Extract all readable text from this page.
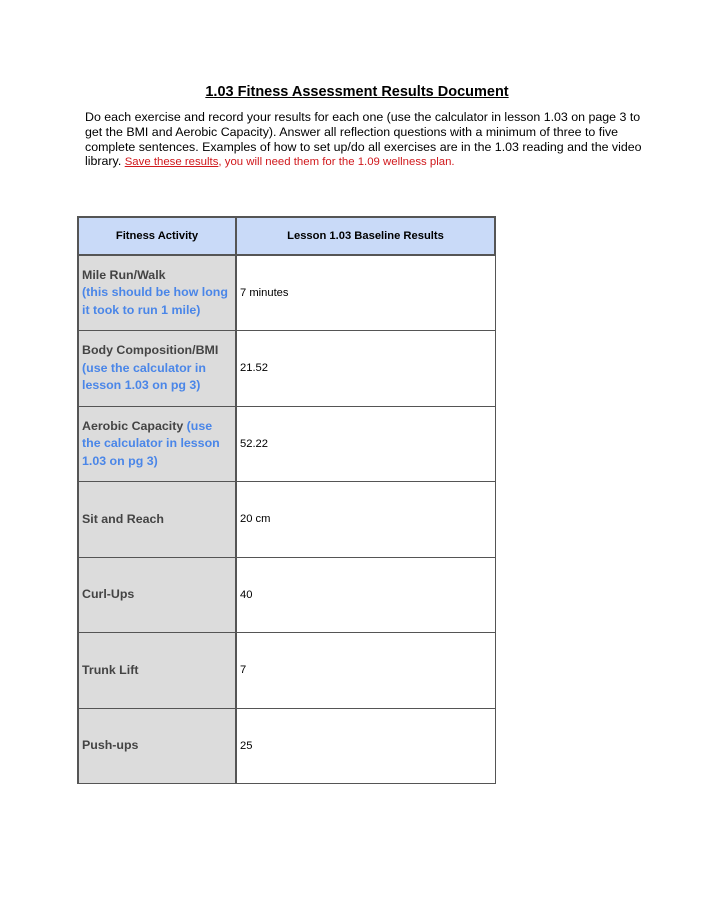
1.03 Fitness Assessment Results Document

Do each exercise and record your results for each one (use the calculator in lesson 1.03 on page 3 to get the BMI and Aerobic Capacity). Answer all reflection questions with a minimum of three to five complete sentences. Examples of how to set up/do all exercises are in the 1.03 reading and the video library. Save these results, you will need them for the 1.09 wellness plan.

Fitness Activity	Lesson 1.03 Baseline Results
Mile Run/Walk
(this should be how long it took to run 1 mile)	7 minutes
Body Composition/BMI
(use the calculator in lesson 1.03 on pg 3)	21.52
Aerobic Capacity (use the calculator in lesson 1.03 on pg 3)	52.22
Sit and Reach	20 cm
Curl-Ups	40
Trunk Lift	7
Push-ups	25
